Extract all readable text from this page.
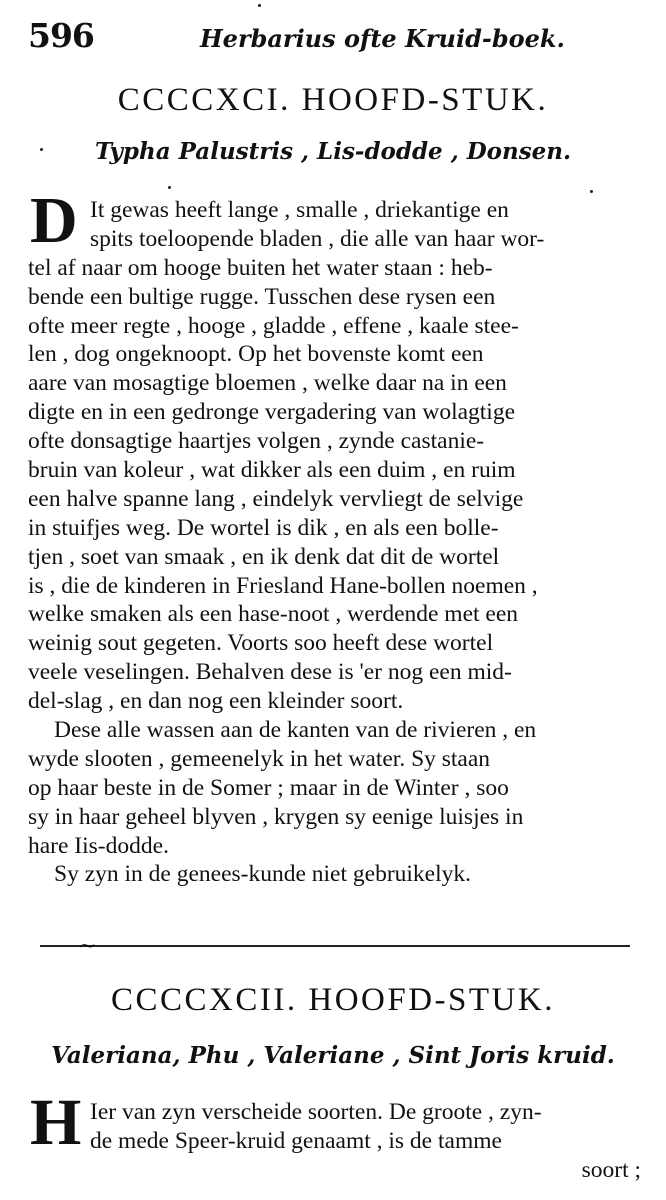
596	Herbarius ofte Kruid-boek.
CCCCXCI. HOOFD-STUK.
Typha Palustris , Lis-dodde , Donsen.
D It gewas heeft lange , smalle , driekantige en
spits toeloopende bladen , die alle van haar wor-
tel af naar om hooge buiten het water staan : heb-
bende een bultige rugge. Tusschen dese rysen een
ofte meer regte , hooge , gladde , effene , kaale stee-
len , dog ongeknoopt. Op het bovenste komt een
aare van mosagtige bloemen , welke daar na in een
digte en in een gedronge vergadering van wolagtige
ofte donsagtige haartjes volgen , zynde castanie-
bruin van koleur , wat dikker als een duim , en ruim
een halve spanne lang , eindelyk vervliegt de selvige
in stuifjes weg. De wortel is dik , en als een bolle-
tjen , soet van smaak , en ik denk dat dit de wortel
is , die de kinderen in Friesland Hane-bollen noemen ,
welke smaken als een hase-noot , werdende met een
weinig sout gegeten. Voorts soo heeft dese wortel
veele veselingen. Behalven dese is 'er nog een mid-
del-slag , en dan nog een kleinder soort.
Dese alle wassen aan de kanten van de rivieren , en
wyde slooten , gemeenelyk in het water. Sy staan
op haar beste in de Somer ; maar in de Winter , soo
sy in haar geheel blyven , krygen sy eenige luisjes in
hare Iis-dodde.
Sy zyn in de genees-kunde niet gebruikelyk.
~
CCCCXCII. HOOFD-STUK.
Valeriana, Phu , Valeriane , Sint Joris kruid.
H Ier van zyn verscheide soorten. De groote , zyn-
de mede Speer-kruid genaamt , is de tamme
soort ;
